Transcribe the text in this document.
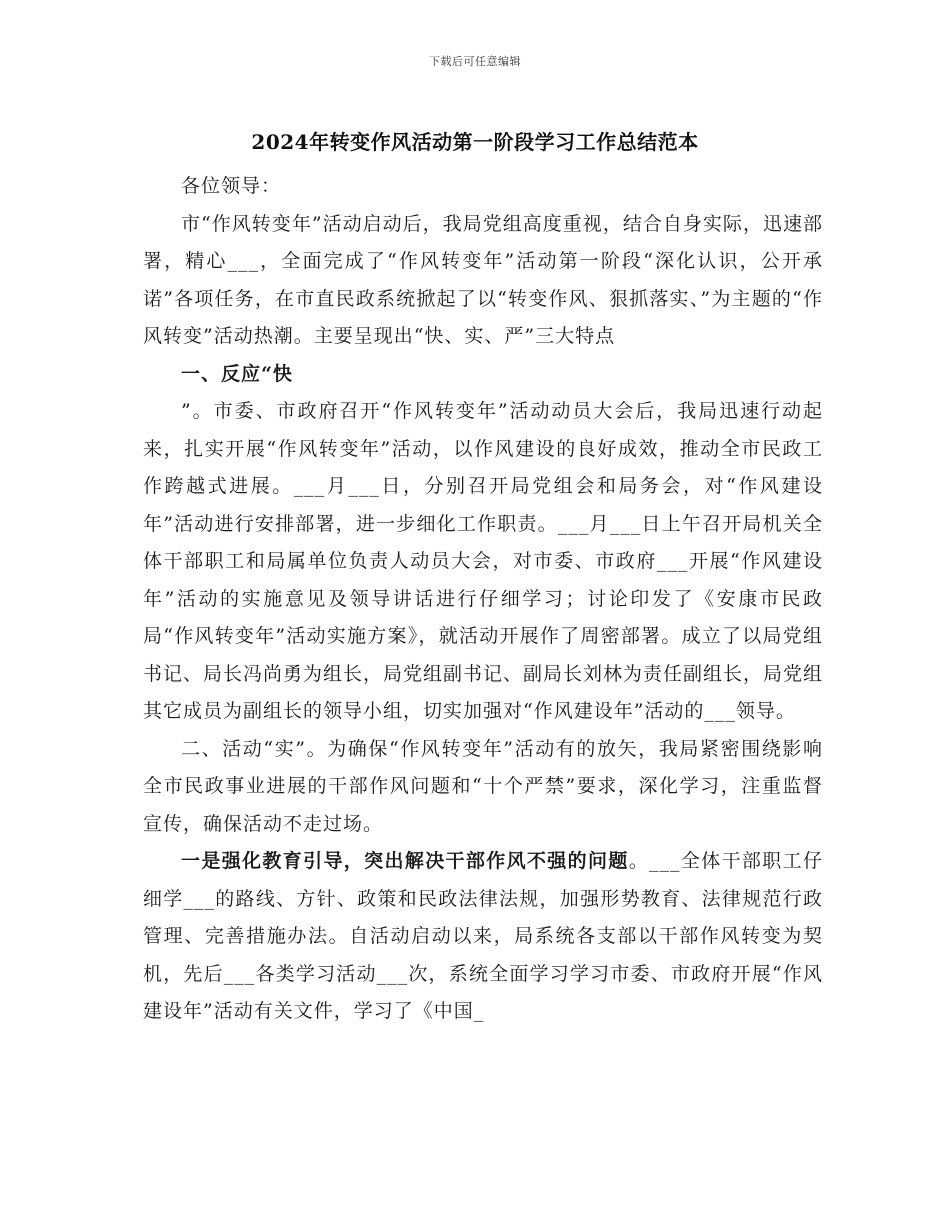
下载后可任意编辑
2024年转变作风活动第一阶段学习工作总结范本

各位领导：

市“作风转变年”活动启动后，我局党组高度重视，结合自身实际，迅速部署，精心___，全面完成了“作风转变年”活动第一阶段“深化认识，公开承诺”各项任务，在市直民政系统掀起了以“转变作风、狠抓落实、”为主题的“作风转变”活动热潮。主要呈现出“快、实、严”三大特点

一、反应“快

”。市委、市政府召开“作风转变年”活动动员大会后，我局迅速行动起来，扎实开展“作风转变年”活动，以作风建设的良好成效，推动全市民政工作跨越式进展。___月___日，分别召开局党组会和局务会，对“作风建设年”活动进行安排部署，进一步细化工作职责。___月___日上午召开局机关全体干部职工和局属单位负责人动员大会，对市委、市政府___开展“作风建设年”活动的实施意见及领导讲话进行仔细学习；讨论印发了《安康市民政局“作风转变年”活动实施方案》，就活动开展作了周密部署。成立了以局党组书记、局长冯尚勇为组长，局党组副书记、副局长刘林为责任副组长，局党组其它成员为副组长的领导小组，切实加强对“作风建设年”活动的___领导。

二、活动“实”。为确保“作风转变年”活动有的放矢，我局紧密围绕影响全市民政事业进展的干部作风问题和“十个严禁”要求，深化学习，注重监督宣传，确保活动不走过场。

一是强化教育引导，突出解决干部作风不强的问题。___全体干部职工仔细学___的路线、方针、政策和民政法律法规，加强形势教育、法律规范行政管理、完善措施办法。自活动启动以来，局系统各支部以干部作风转变为契机，先后___各类学习活动___次，系统全面学习学习市委、市政府开展“作风建设年”活动有关文件，学习了《中国_
